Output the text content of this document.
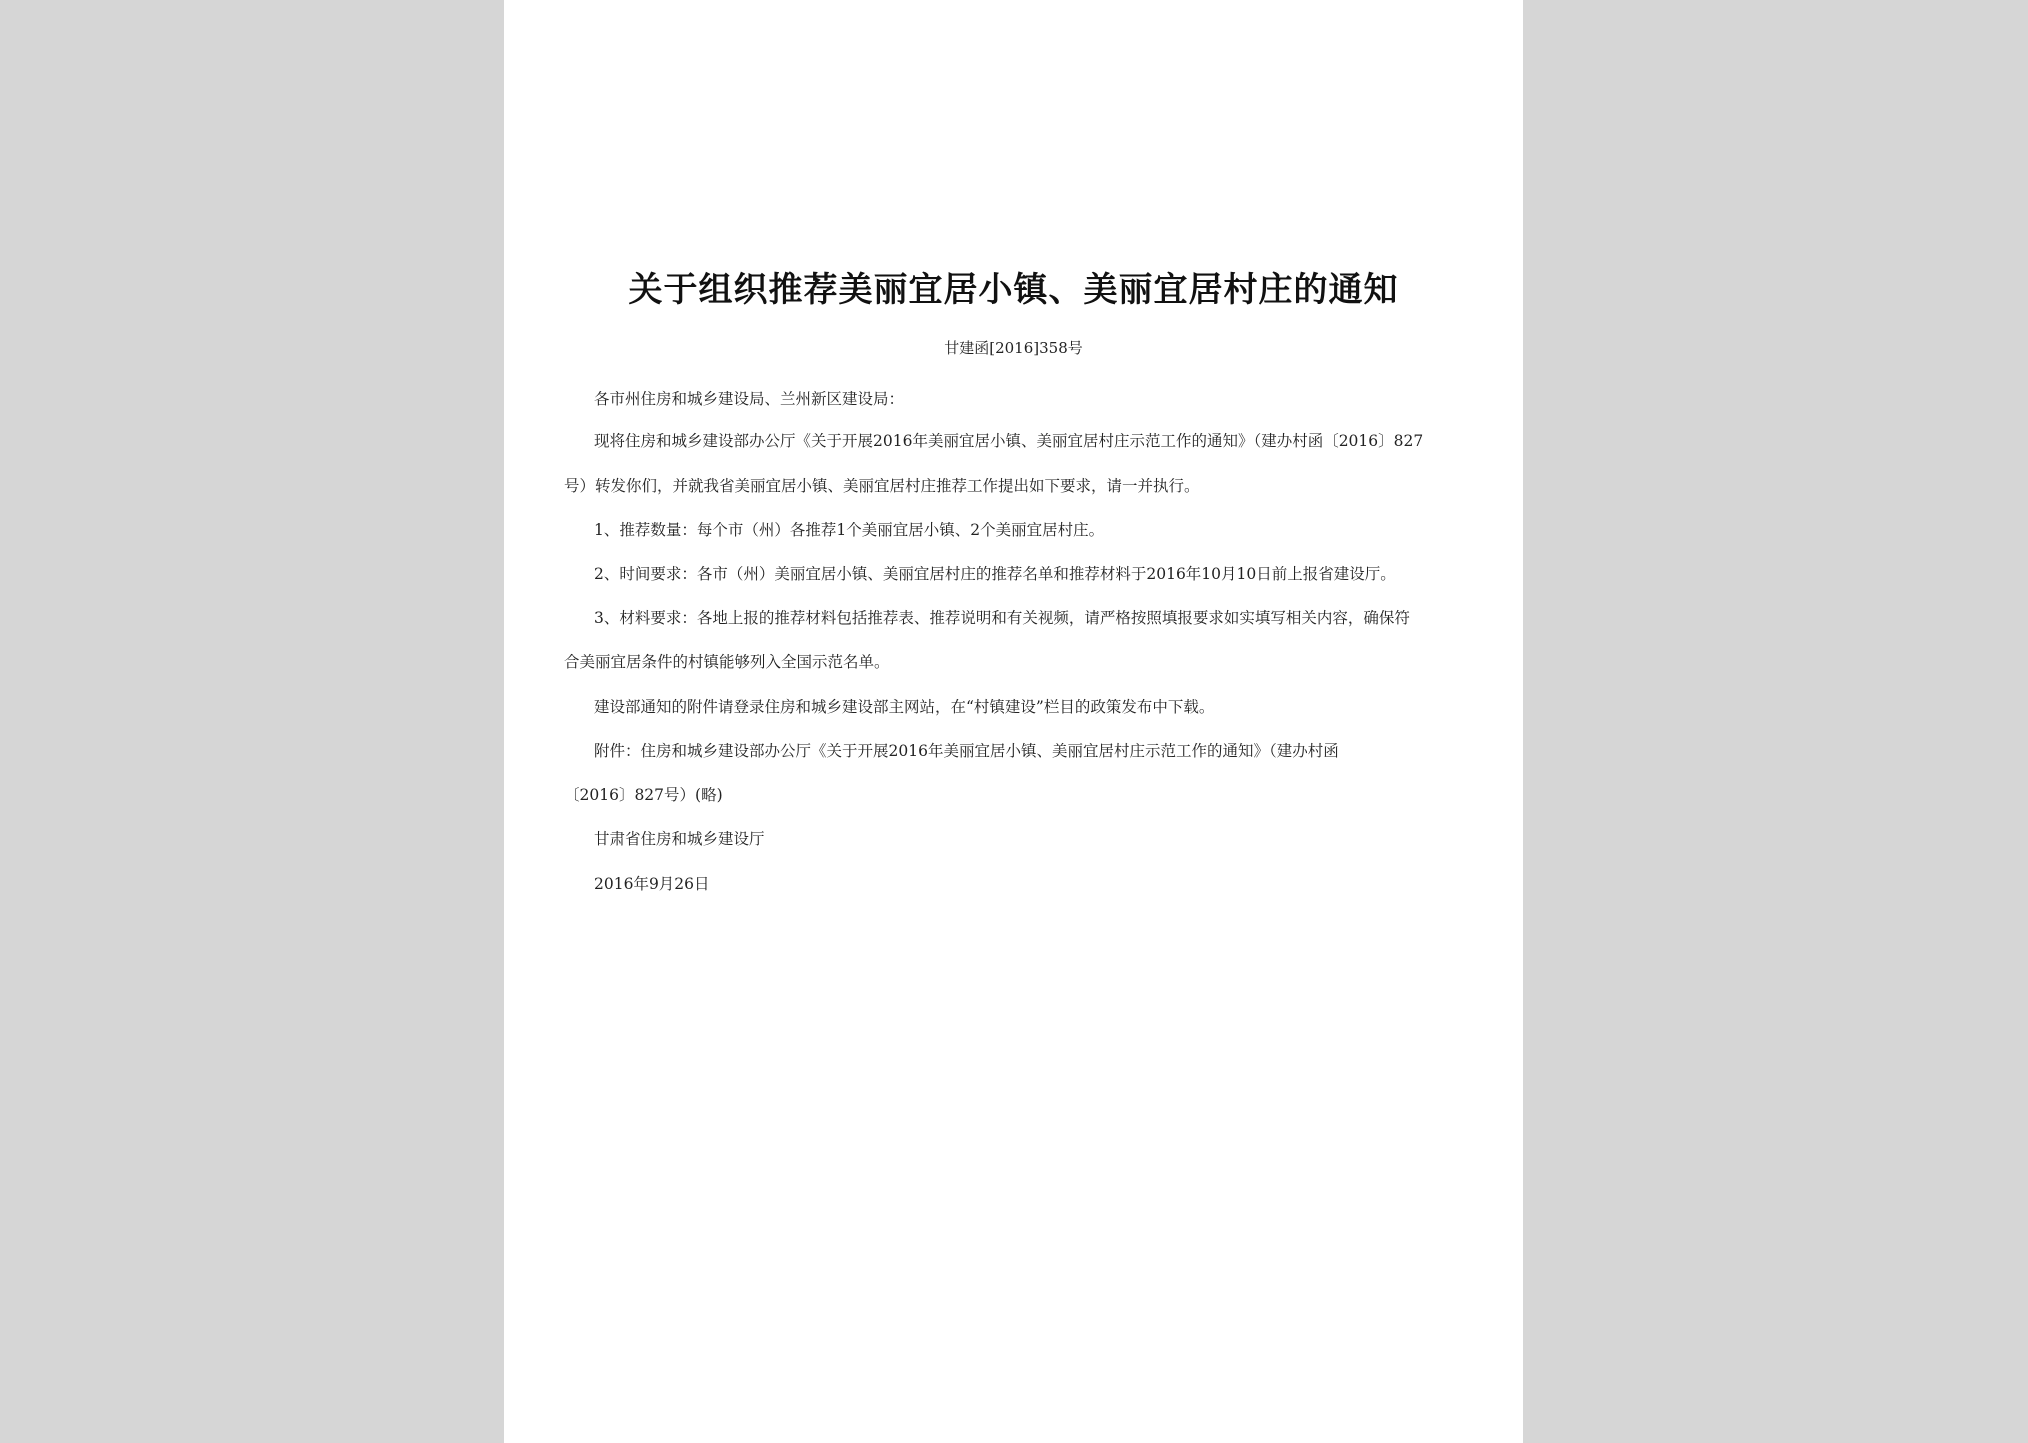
关于组织推荐美丽宜居小镇、美丽宜居村庄的通知
甘建函[2016]358号
各市州住房和城乡建设局、兰州新区建设局：
现将住房和城乡建设部办公厅《关于开展2016年美丽宜居小镇、美丽宜居村庄示范工作的通知》（建办村函〔2016〕827
号）转发你们，并就我省美丽宜居小镇、美丽宜居村庄推荐工作提出如下要求，请一并执行。
1、推荐数量：每个市（州）各推荐1个美丽宜居小镇、2个美丽宜居村庄。
2、时间要求：各市（州）美丽宜居小镇、美丽宜居村庄的推荐名单和推荐材料于2016年10月10日前上报省建设厅。
3、材料要求：各地上报的推荐材料包括推荐表、推荐说明和有关视频，请严格按照填报要求如实填写相关内容，确保符
合美丽宜居条件的村镇能够列入全国示范名单。
建设部通知的附件请登录住房和城乡建设部主网站，在“村镇建设”栏目的政策发布中下载。
附件：住房和城乡建设部办公厅《关于开展2016年美丽宜居小镇、美丽宜居村庄示范工作的通知》（建办村函
〔2016〕827号）(略)
甘肃省住房和城乡建设厅
2016年9月26日
